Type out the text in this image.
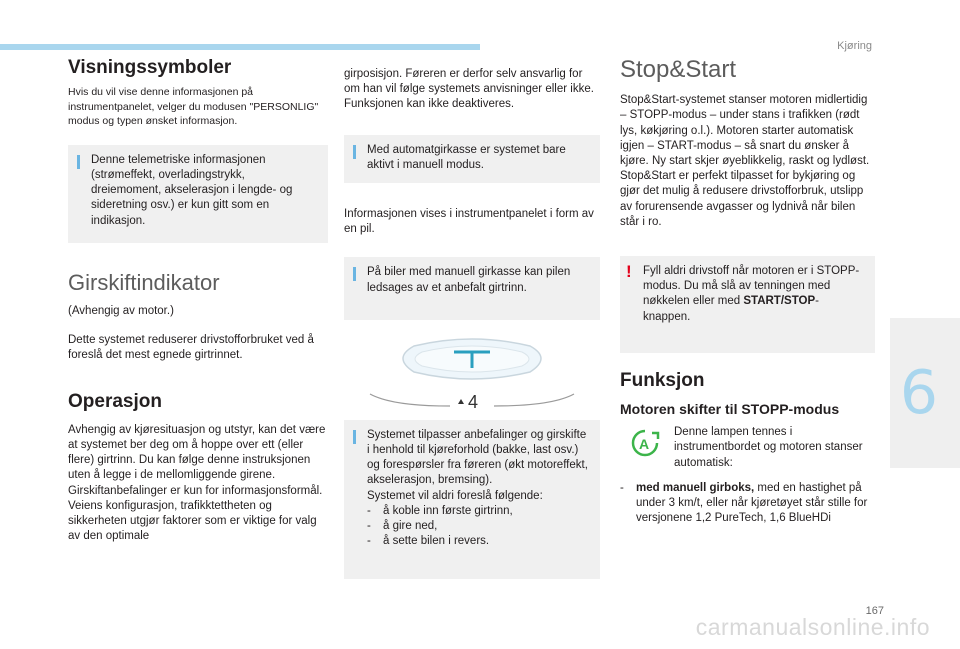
Kjøring
6
167
carmanualsonline.info
Visningssymboler

Hvis du vil vise denne informasjonen på instrumentpanelet, velger du modusen "PERSONLIG" modus og typen ønsket informasjon.

Denne telemetriske informasjonen (strømeffekt, overladingstrykk, dreiemoment, akselerasjon i lengde- og sideretning osv.) er kun gitt som en indikasjon.

Girskiftindikator

(Avhengig av motor.)

Dette systemet reduserer drivstofforbruket ved å foreslå det mest egnede girtrinnet.

Operasjon

Avhengig av kjøresituasjon og utstyr, kan det være at systemet ber deg om å hoppe over ett (eller flere) girtrinn. Du kan følge denne instruksjonen uten å legge i de mellomliggende girene.

Girskiftanbefalinger er kun for informasjonsformål. Veiens konfigurasjon, trafikktettheten og sikkerheten utgjør faktorer som er viktige for valg av den optimale

girposisjon. Føreren er derfor selv ansvarlig for om han vil følge systemets anvisninger eller ikke.

Funksjonen kan ikke deaktiveres.

Med automatgirkasse er systemet bare aktivt i manuell modus.

Informasjonen vises i instrumentpanelet i form av en pil.

På biler med manuell girkasse kan pilen ledsages av et anbefalt girtrinn.

4

Systemet tilpasser anbefalinger og girskifte i henhold til kjøreforhold (bakke, last osv.) og forespørsler fra føreren (økt motoreffekt, akselerasjon, bremsing).

Systemet vil aldri foreslå følgende:

-	å koble inn første girtrinn,
-	å gire ned,
-	å sette bilen i revers.
Stop&Start

Stop&Start-systemet stanser motoren midlertidig – STOPP-modus – under stans i trafikken (rødt lys, køkjøring o.l.). Motoren starter automatisk igjen – START-modus – så snart du ønsker å kjøre. Ny start skjer øyeblikkelig, raskt og lydløst.

Stop&Start er perfekt tilpasset for bykjøring og gjør det mulig å redusere drivstofforbruk, utslipp av forurensende avgasser og lydnivå når bilen står i ro.

! Fyll aldri drivstoff når motoren er i STOPP-modus. Du må slå av tenningen med nøkkelen eller med START/STOP-knappen.

Funksjon
Motoren skifter til STOPP-modus
A

Denne lampen tennes i instrumentbordet og motoren stanser automatisk:

-	med manuell girboks, med en hastighet på under 3 km/t, eller når kjøretøyet står stille for versjonene 1,2 PureTech, 1,6 BlueHDi
